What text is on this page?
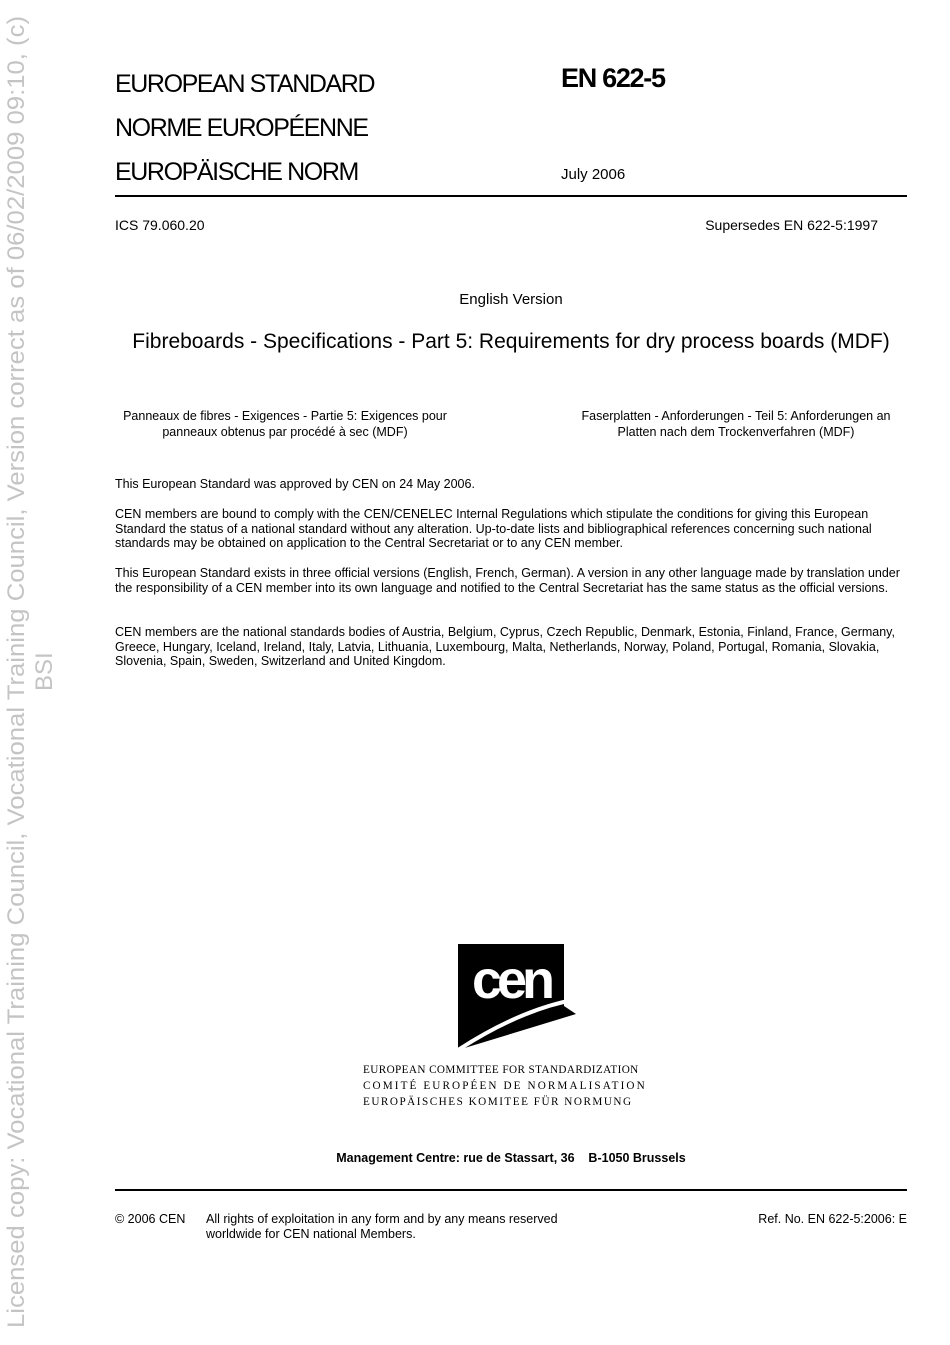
Licensed copy: Vocational Training Council, Vocational Training Council, Version correct as of 06/02/2009 09:10, (c) BSI
EUROPEAN STANDARD
NORME EUROPÉENNE
EUROPÄISCHE NORM
EN 622-5
July 2006
ICS 79.060.20	Supersedes EN 622-5:1997
English Version
Fibreboards - Specifications - Part 5: Requirements for dry process boards (MDF)
Panneaux de fibres - Exigences - Partie 5: Exigences pour panneaux obtenus par procédé à sec (MDF)
Faserplatten - Anforderungen - Teil 5: Anforderungen an Platten nach dem Trockenverfahren (MDF)
This European Standard was approved by CEN on 24 May 2006.
CEN members are bound to comply with the CEN/CENELEC Internal Regulations which stipulate the conditions for giving this European Standard the status of a national standard without any alteration. Up-to-date lists and bibliographical references concerning such national standards may be obtained on application to the Central Secretariat or to any CEN member.
This European Standard exists in three official versions (English, French, German). A version in any other language made by translation under the responsibility of a CEN member into its own language and notified to the Central Secretariat has the same status as the official versions.
CEN members are the national standards bodies of Austria, Belgium, Cyprus, Czech Republic, Denmark, Estonia, Finland, France, Germany, Greece, Hungary, Iceland, Ireland, Italy, Latvia, Lithuania, Luxembourg, Malta, Netherlands, Norway, Poland, Portugal, Romania, Slovakia, Slovenia, Spain, Sweden, Switzerland and United Kingdom.
cen
EUROPEAN COMMITTEE FOR STANDARDIZATION
COMITÉ EUROPÉEN DE NORMALISATION
EUROPÄISCHES KOMITEE FÜR NORMUNG
Management Centre: rue de Stassart, 36    B-1050 Brussels
© 2006 CEN All rights of exploitation in any form and by any means reserved worldwide for CEN national Members.
Ref. No. EN 622-5:2006: E
